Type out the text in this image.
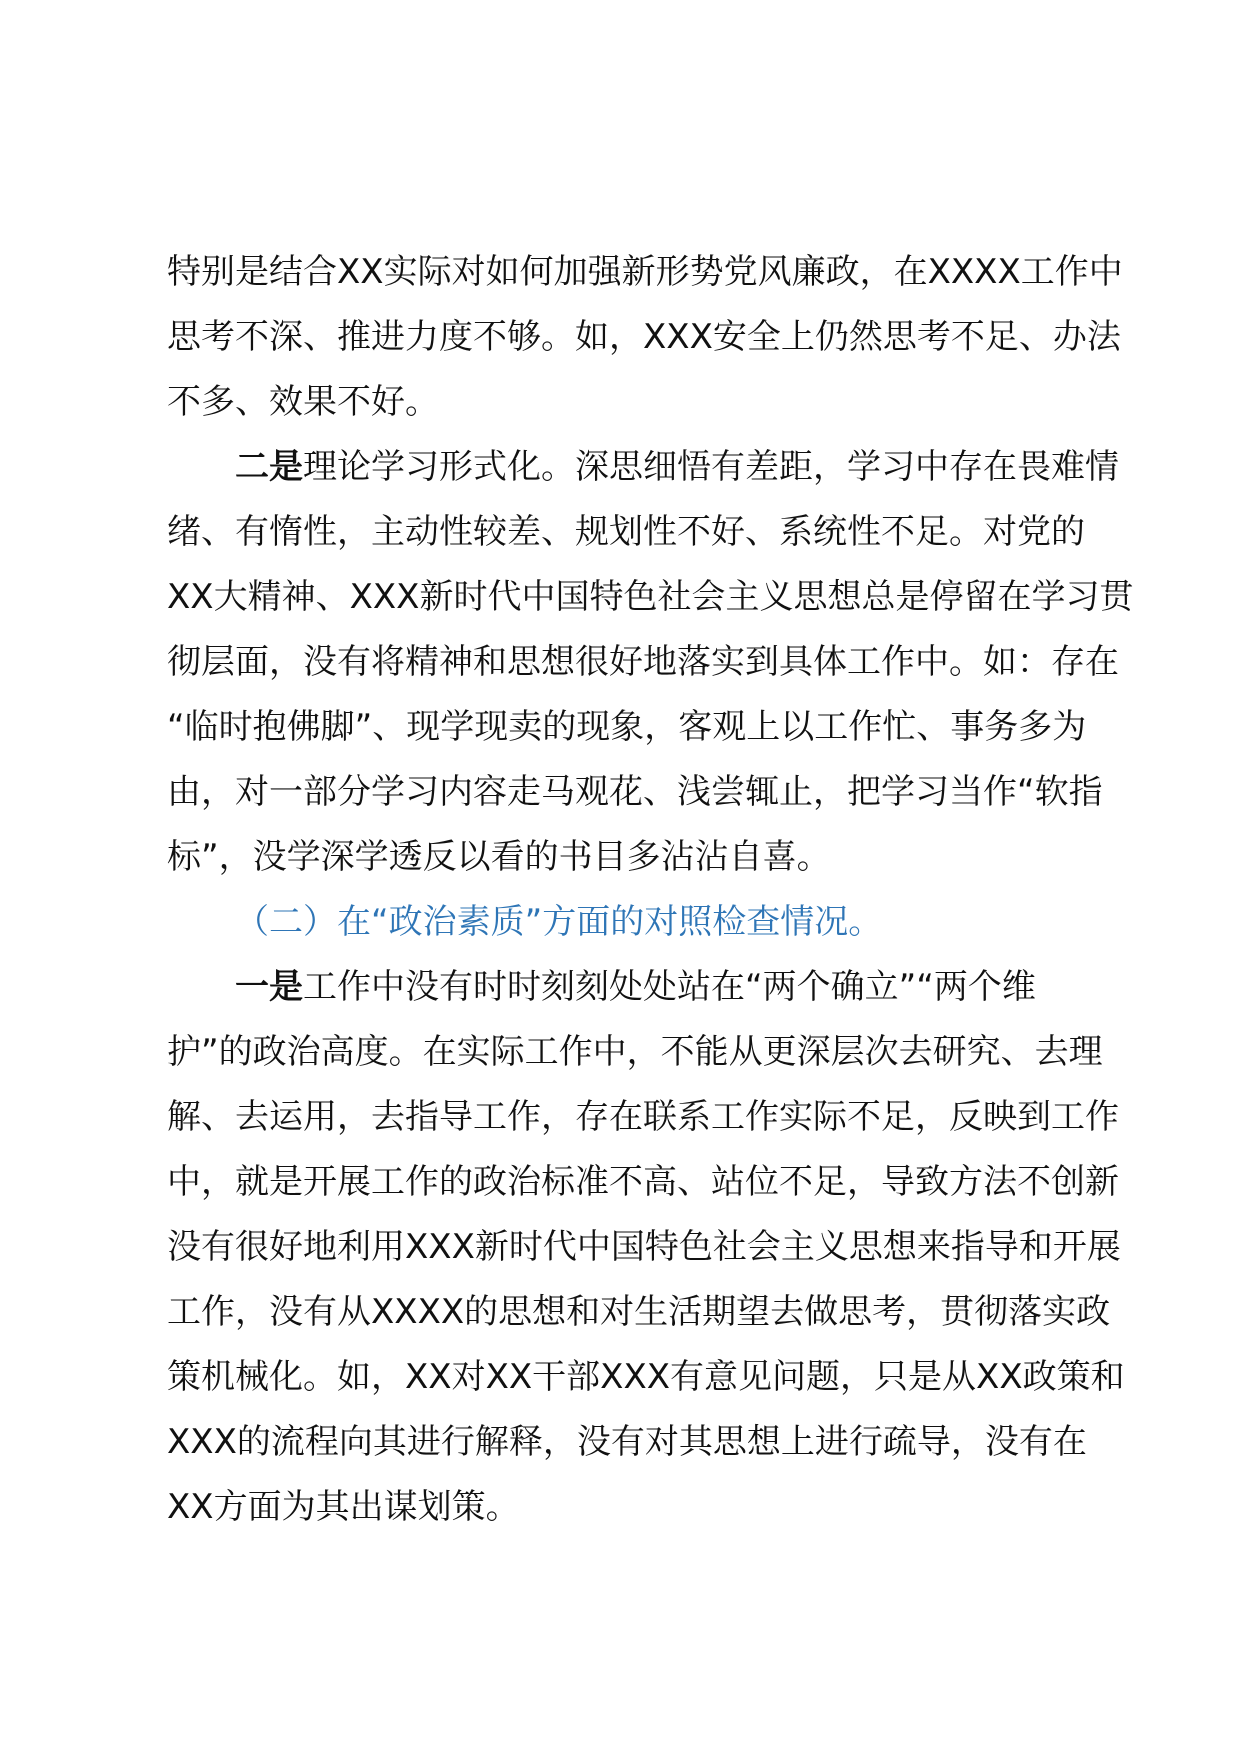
特别是结合XX实际对如何加强新形势党风廉政，在XXXX工作中
思考不深、推进力度不够。如，XXX安全上仍然思考不足、办法
不多、效果不好。
二是理论学习形式化。深思细悟有差距，学习中存在畏难情
绪、有惰性，主动性较差、规划性不好、系统性不足。对党的
XX大精神、XXX新时代中国特色社会主义思想总是停留在学习贯
彻层面，没有将精神和思想很好地落实到具体工作中。如：存在
“临时抱佛脚”、现学现卖的现象，客观上以工作忙、事务多为
由，对一部分学习内容走马观花、浅尝辄止，把学习当作“软指
标”，没学深学透反以看的书目多沾沾自喜。
（二）在“政治素质”方面的对照检查情况。
一是工作中没有时时刻刻处处站在“两个确立”“两个维
护”的政治高度。在实际工作中，不能从更深层次去研究、去理
解、去运用，去指导工作，存在联系工作实际不足，反映到工作
中，就是开展工作的政治标准不高、站位不足，导致方法不创新
没有很好地利用XXX新时代中国特色社会主义思想来指导和开展
工作，没有从XXXX的思想和对生活期望去做思考，贯彻落实政
策机械化。如，XX对XX干部XXX有意见问题，只是从XX政策和
XXX的流程向其进行解释，没有对其思想上进行疏导，没有在
XX方面为其出谋划策。
